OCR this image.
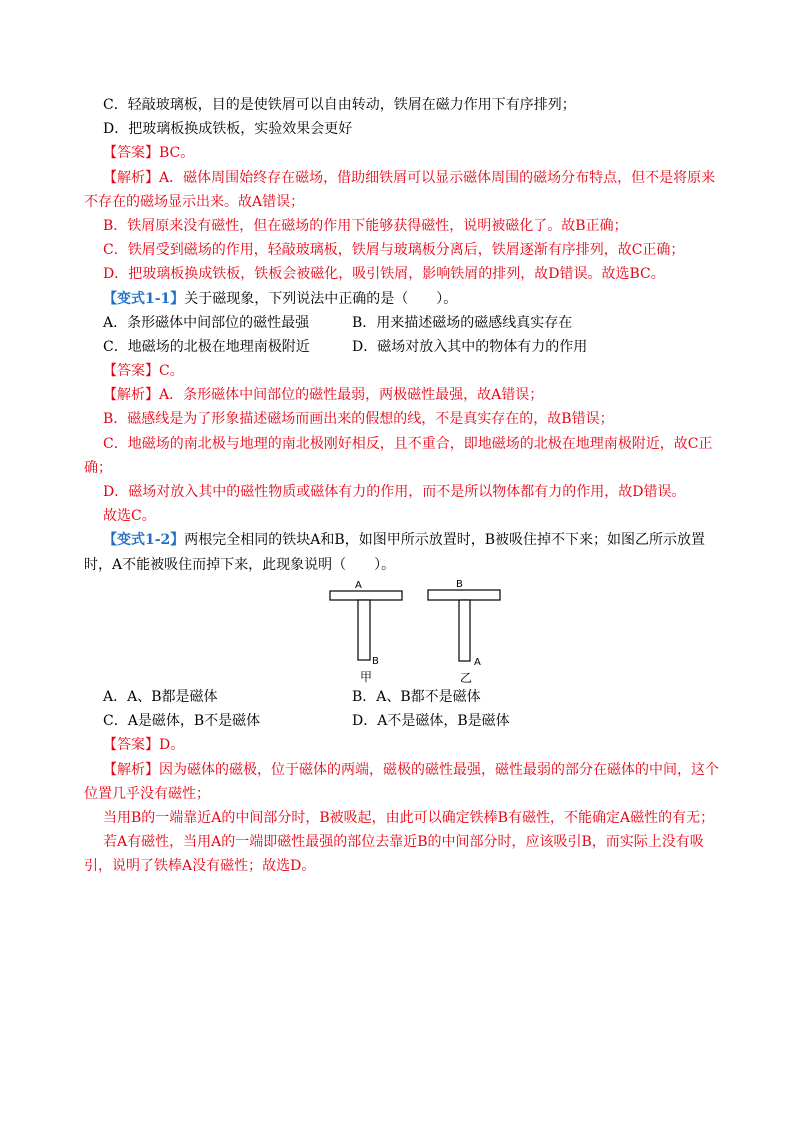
C．轻敲玻璃板，目的是使铁屑可以自由转动，铁屑在磁力作用下有序排列；
D．把玻璃板换成铁板，实验效果会更好
【答案】BC。
【解析】A．磁体周围始终存在磁场，借助细铁屑可以显示磁体周围的磁场分布特点，但不是将原来
不存在的磁场显示出来。故A错误；
B．铁屑原来没有磁性，但在磁场的作用下能够获得磁性，说明被磁化了。故B正确；
C．铁屑受到磁场的作用，轻敲玻璃板，铁屑与玻璃板分离后，铁屑逐渐有序排列，故C正确；
D．把玻璃板换成铁板，铁板会被磁化，吸引铁屑，影响铁屑的排列，故D错误。故选BC。
【变式1-1】关于磁现象，下列说法中正确的是（　　）。
A．条形磁体中间部位的磁性最强	B．用来描述磁场的磁感线真实存在
C．地磁场的北极在地理南极附近	D．磁场对放入其中的物体有力的作用
【答案】C。
【解析】A．条形磁体中间部位的磁性最弱，两极磁性最强，故A错误；
B．磁感线是为了形象描述磁场而画出来的假想的线，不是真实存在的，故B错误；
C．地磁场的南北极与地理的南北极刚好相反，且不重合，即地磁场的北极在地理南极附近，故C正
确；
D．磁场对放入其中的磁性物质或磁体有力的作用，而不是所以物体都有力的作用，故D错误。
故选C。
【变式1-2】两根完全相同的铁块A和B，如图甲所示放置时，B被吸住掉不下来；如图乙所示放置
时，A不能被吸住而掉下来，此现象说明（　　）。
A
B
甲
B
A
乙
A．A、B都是磁体	B．A、B都不是磁体
C．A是磁体，B不是磁体	D．A不是磁体，B是磁体
【答案】D。
【解析】因为磁体的磁极，位于磁体的两端，磁极的磁性最强，磁性最弱的部分在磁体的中间，这个
位置几乎没有磁性；
当用B的一端靠近A的中间部分时，B被吸起，由此可以确定铁棒B有磁性，不能确定A磁性的有无；
若A有磁性，当用A的一端即磁性最强的部位去靠近B的中间部分时，应该吸引B，而实际上没有吸
引，说明了铁棒A没有磁性；故选D。
